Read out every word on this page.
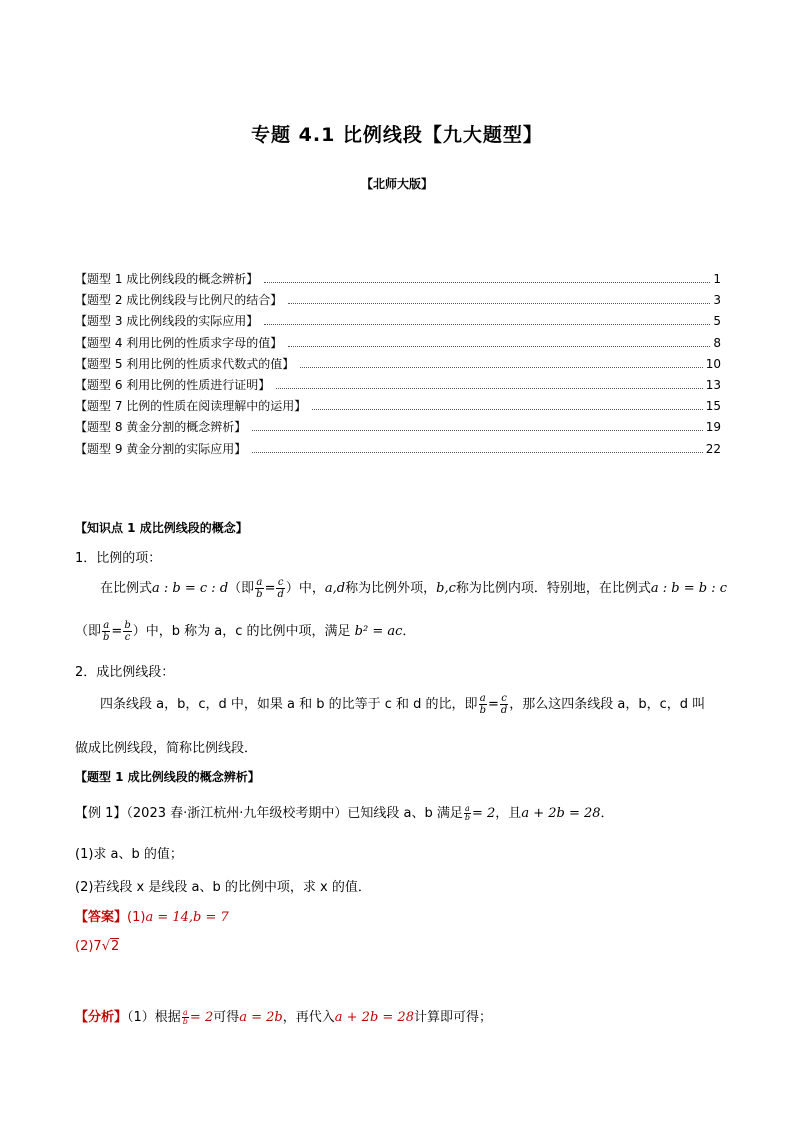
专题 4.1 比例线段【九大题型】
【北师大版】
【题型 1 成比例线段的概念辨析】	1
【题型 2 成比例线段与比例尺的结合】	3
【题型 3 成比例线段的实际应用】	5
【题型 4 利用比例的性质求字母的值】	8
【题型 5 利用比例的性质求代数式的值】	10
【题型 6 利用比例的性质进行证明】	13
【题型 7 比例的性质在阅读理解中的运用】	15
【题型 8 黄金分割的概念辨析】	19
【题型 9 黄金分割的实际应用】	22
【知识点 1 成比例线段的概念】
1．比例的项：
在比例式a : b = c : d（即 $\frac{a}{b} = \frac{c}{d}$ ）中，a,d称为比例外项，b,c称为比例内项．特别地，在比例式a : b = b : c
（即 $\frac{a}{b} = \frac{b}{c}$ ）中，b 称为 a，c 的比例中项，满足 b² = ac．
2．成比例线段：
四条线段 a，b，c，d 中，如果 a 和 b 的比等于 c 和 d 的比，即 $\frac{a}{b} = \frac{c}{d}$ ，那么这四条线段 a，b，c，d 叫
做成比例线段，简称比例线段．
【题型 1 成比例线段的概念辨析】
【例 1】（2023 春·浙江杭州·九年级校考期中）已知线段 a、b 满足 $\frac{a}{b} = 2$，且a + 2b = 28．
(1)求 a、b 的值；
(2)若线段 x 是线段 a、b 的比例中项，求 x 的值．
【答案】(1)a = 14,b = 7
(2)7√2
【分析】（1）根据 $\frac{a}{b} = 2$可得a = 2b，再代入a + 2b = 28计算即可得；
